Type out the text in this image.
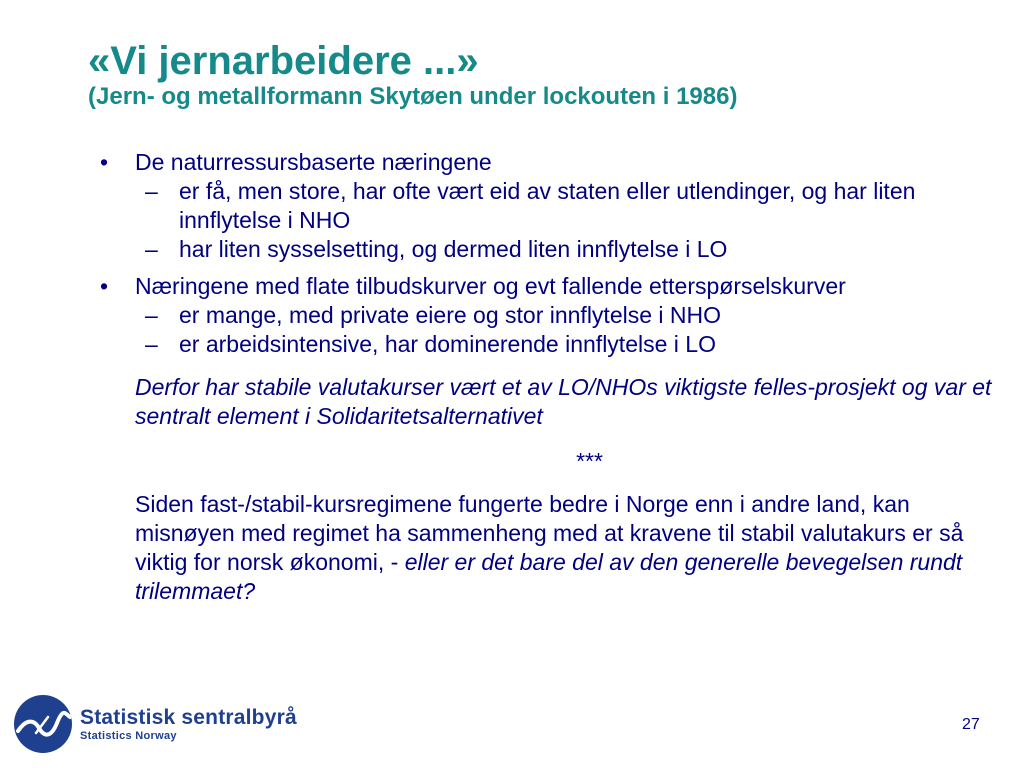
«Vi jernarbeidere ...»
(Jern- og metallformann Skytøen under lockouten i 1986)
•	De naturressursbaserte næringene
– er få, men store, har ofte vært eid av staten eller utlendinger, og har liten innflytelse i NHO
– har liten sysselsetting, og dermed liten innflytelse i LO
•	Næringene med flate tilbudskurver og evt fallende etterspørselskurver
– er mange, med private eiere og stor innflytelse i NHO
– er arbeidsintensive, har dominerende innflytelse i LO
Derfor har stabile valutakurser vært et av LO/NHOs viktigste felles-prosjekt og var et sentralt element i Solidaritetsalternativet
***
Siden fast-/stabil-kursregimene fungerte bedre i Norge enn i andre land, kan misnøyen med regimet ha sammenheng med at kravene til stabil valutakurs er så viktig for norsk økonomi, - eller er det bare del av den generelle bevegelsen rundt trilemmaet?
Statistisk sentralbyrå
Statistics Norway
27
